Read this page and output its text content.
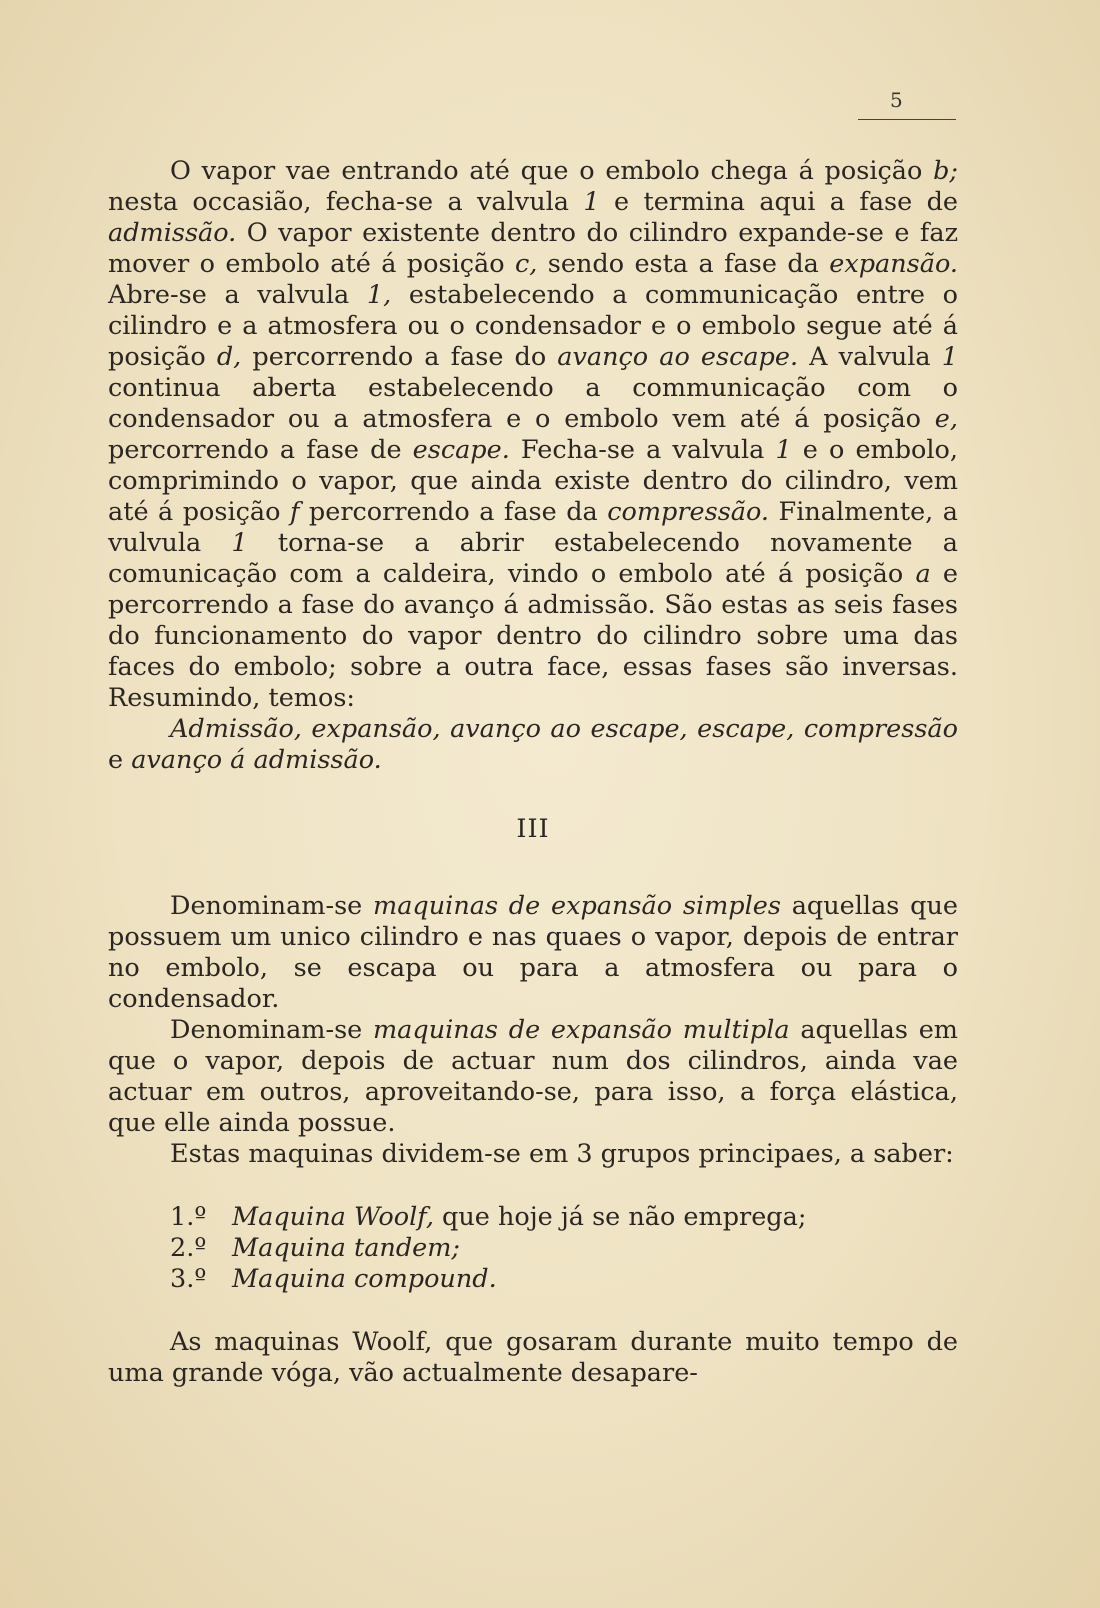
5

O vapor vae entrando até que o embolo chega á posição b; nesta occasião, fecha-se a valvula 1 e termina aqui a fase de admissão. O vapor existente dentro do cilindro expande-se e faz mover o embolo até á posição c, sendo esta a fase da expansão. Abre-se a valvula 1, estabelecendo a communicação entre o cilindro e a atmosfera ou o condensador e o embolo segue até á posição d, percorrendo a fase do avanço ao escape. A valvula 1 continua aberta estabelecendo a communicação com o condensador ou a atmosfera e o embolo vem até á posição e, percorrendo a fase de escape. Fecha-se a valvula 1 e o embolo, comprimindo o vapor, que ainda existe dentro do cilindro, vem até á posição f percorrendo a fase da compressão. Finalmente, a vulvula 1 torna-se a abrir estabelecendo novamente a comunicação com a caldeira, vindo o embolo até á posição a e percorrendo a fase do avanço á admissão. São estas as seis fases do funcionamento do vapor dentro do cilindro sobre uma das faces do embolo; sobre a outra face, essas fases são inversas. Resumindo, temos:

Admissão, expansão, avanço ao escape, escape, compressão e avanço á admissão.

III

Denominam-se maquinas de expansão simples aquellas que possuem um unico cilindro e nas quaes o vapor, depois de entrar no embolo, se escapa ou para a atmosfera ou para o condensador.

Denominam-se maquinas de expansão multipla aquellas em que o vapor, depois de actuar num dos cilindros, ainda vae actuar em outros, aproveitando-se, para isso, a força elástica, que elle ainda possue.

Estas maquinas dividem-se em 3 grupos principaes, a saber:

1.º	Maquina Woolf, que hoje já se não emprega;
2.º	Maquina tandem;
3.º	Maquina compound.

As maquinas Woolf, que gosaram durante muito tempo de uma grande vóga, vão actualmente desapare-
